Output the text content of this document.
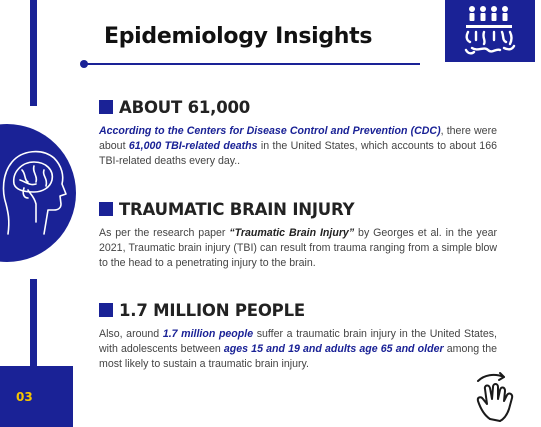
03
Epidemiology Insights
ABOUT 61,000

According to the Centers for Disease Control and Prevention (CDC), there were about 61,000 TBI-related deaths in the United States, which accounts to about 166 TBI-related deaths every day..

TRAUMATIC BRAIN INJURY

As per the research paper “Traumatic Brain Injury” by Georges et al. in the year 2021, Traumatic brain injury (TBI) can result from trauma ranging from a simple blow to the head to a penetrating injury to the brain.

1.7 MILLION PEOPLE

Also, around 1.7 million people suffer a traumatic brain injury in the United States, with adolescents between ages 15 and 19 and adults age 65 and older among the most likely to sustain a traumatic brain injury.
